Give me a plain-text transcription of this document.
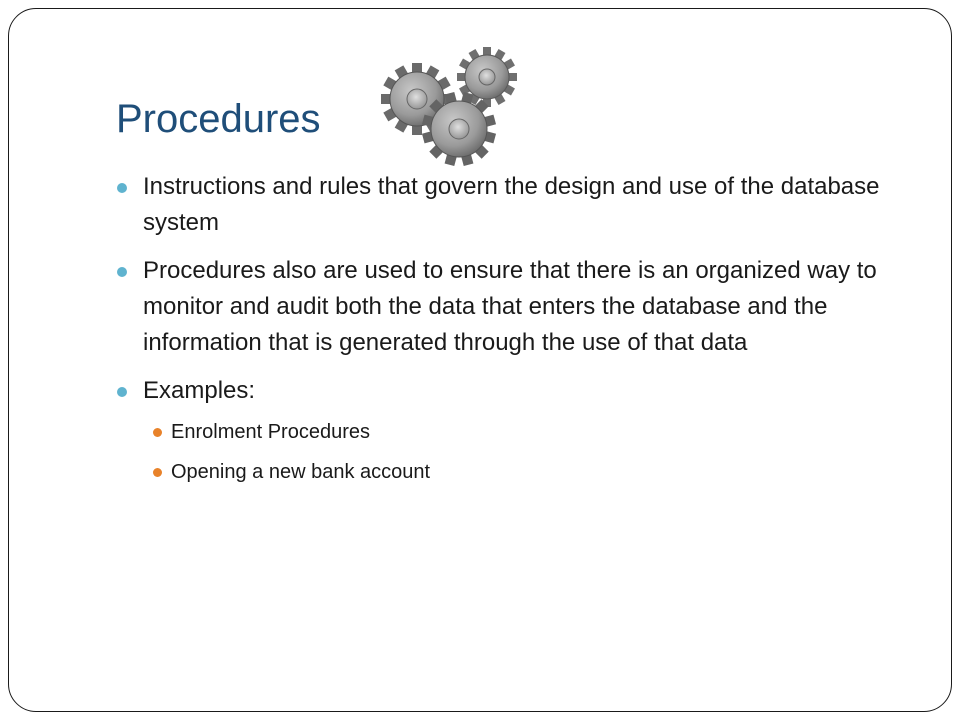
Procedures
Instructions and rules that govern the design and use of the database system
Procedures also are used to ensure that there is an organized way to monitor and audit both the data that enters the database and the information that is generated through the use of that data
Examples:
Enrolment Procedures
Opening a new bank account
